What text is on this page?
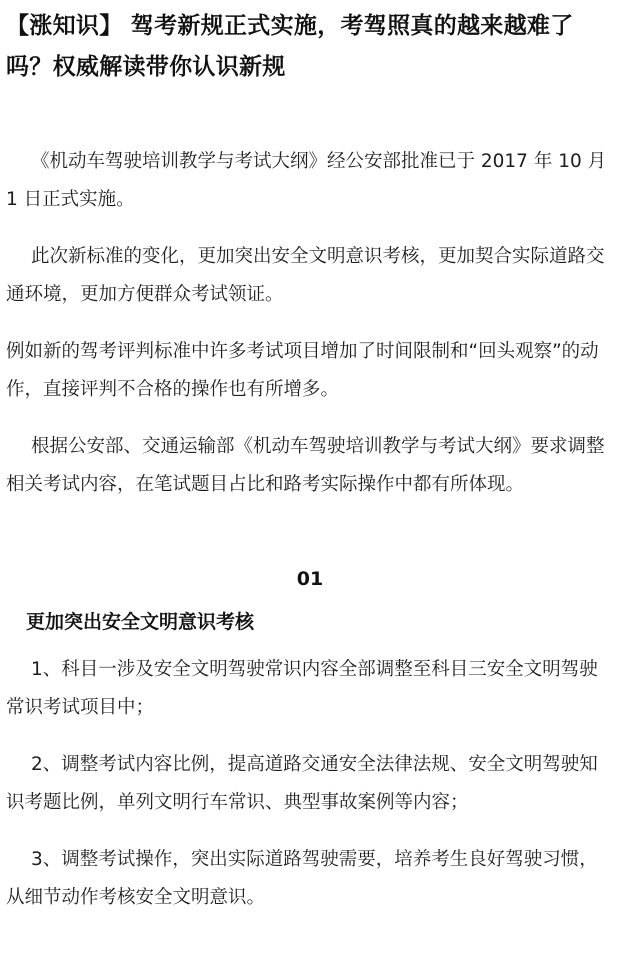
【涨知识】 驾考新规正式实施，考驾照真的越来越难了吗？权威解读带你认识新规

《机动车驾驶培训教学与考试大纲》经公安部批准已于 2017 年 10 月 1 日正式实施。

此次新标准的变化，更加突出安全文明意识考核，更加契合实际道路交通环境，更加方便群众考试领证。

例如新的驾考评判标准中许多考试项目增加了时间限制和“回头观察”的动作，直接评判不合格的操作也有所增多。

根据公安部、交通运输部《机动车驾驶培训教学与考试大纲》要求调整相关考试内容，在笔试题目占比和路考实际操作中都有所体现。

01
更加突出安全文明意识考核

1、科目一涉及安全文明驾驶常识内容全部调整至科目三安全文明驾驶常识考试项目中；

2、调整考试内容比例，提高道路交通安全法律法规、安全文明驾驶知识考题比例，单列文明行车常识、典型事故案例等内容；

3、调整考试操作，突出实际道路驾驶需要，培养考生良好驾驶习惯，从细节动作考核安全文明意识。
